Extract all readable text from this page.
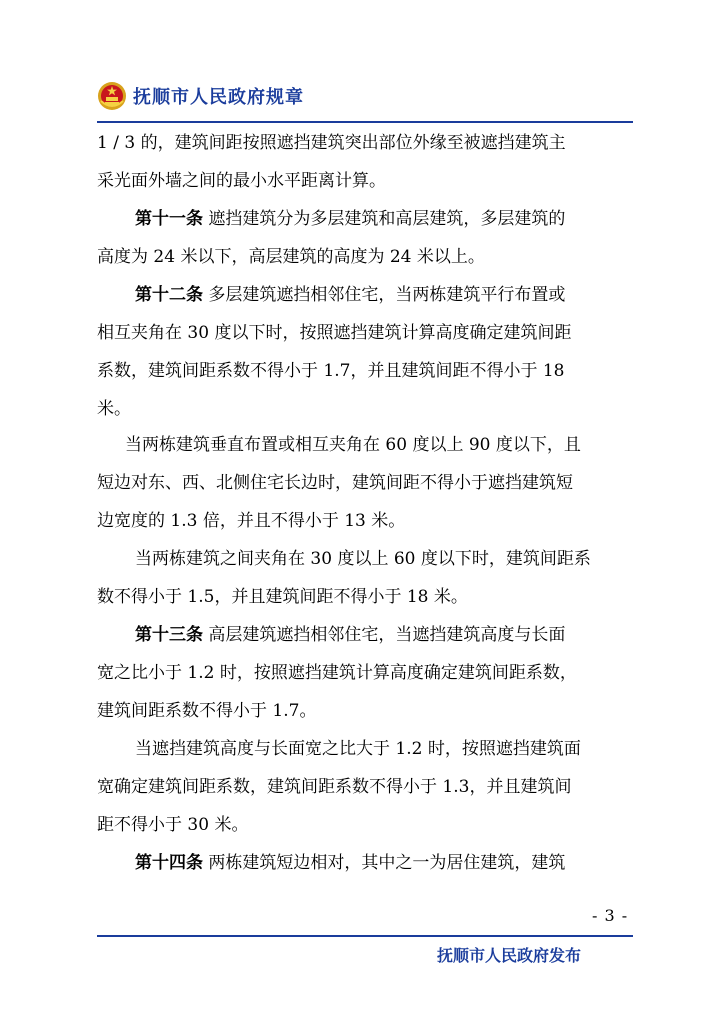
抚顺市人民政府规章
1 / 3 的，建筑间距按照遮挡建筑突出部位外缘至被遮挡建筑主
采光面外墙之间的最小水平距离计算。
第十一条 遮挡建筑分为多层建筑和高层建筑，多层建筑的
高度为 24 米以下，高层建筑的高度为 24 米以上。
第十二条 多层建筑遮挡相邻住宅，当两栋建筑平行布置或
相互夹角在 30 度以下时，按照遮挡建筑计算高度确定建筑间距
系数，建筑间距系数不得小于 1.7，并且建筑间距不得小于 18
米。
当两栋建筑垂直布置或相互夹角在 60 度以上 90 度以下，且
短边对东、西、北侧住宅长边时，建筑间距不得小于遮挡建筑短
边宽度的 1.3 倍，并且不得小于 13 米。
当两栋建筑之间夹角在 30 度以上 60 度以下时，建筑间距系
数不得小于 1.5，并且建筑间距不得小于 18 米。
第十三条 高层建筑遮挡相邻住宅，当遮挡建筑高度与长面
宽之比小于 1.2 时，按照遮挡建筑计算高度确定建筑间距系数，
建筑间距系数不得小于 1.7。
当遮挡建筑高度与长面宽之比大于 1.2 时，按照遮挡建筑面
宽确定建筑间距系数，建筑间距系数不得小于 1.3，并且建筑间
距不得小于 30 米。
第十四条 两栋建筑短边相对，其中之一为居住建筑，建筑
- 3 -
抚顺市人民政府发布
